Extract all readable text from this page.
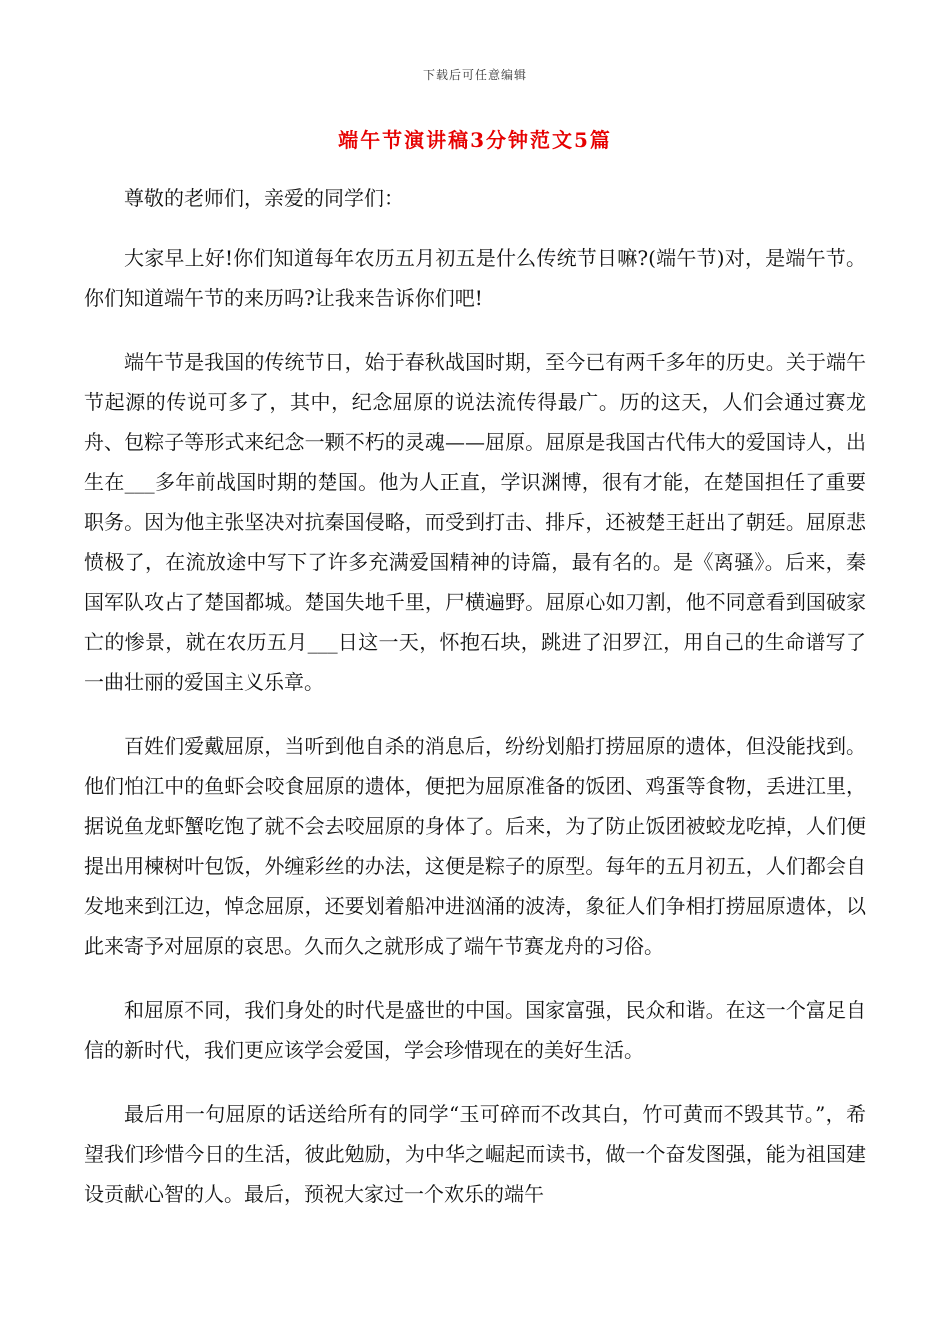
下载后可任意编辑
端午节演讲稿3分钟范文5篇

尊敬的老师们，亲爱的同学们：

大家早上好!你们知道每年农历五月初五是什么传统节日嘛?(端午节)对，是端午节。你们知道端午节的来历吗?让我来告诉你们吧!

端午节是我国的传统节日，始于春秋战国时期，至今已有两千多年的历史。关于端午节起源的传说可多了，其中，纪念屈原的说法流传得最广。历的这天，人们会通过赛龙舟、包粽子等形式来纪念一颗不朽的灵魂——屈原。屈原是我国古代伟大的爱国诗人，出生在___多年前战国时期的楚国。他为人正直，学识渊博，很有才能，在楚国担任了重要职务。因为他主张坚决对抗秦国侵略，而受到打击、排斥，还被楚王赶出了朝廷。屈原悲愤极了，在流放途中写下了许多充满爱国精神的诗篇，最有名的。是《离骚》。后来，秦国军队攻占了楚国都城。楚国失地千里，尸横遍野。屈原心如刀割，他不同意看到国破家亡的惨景，就在农历五月___日这一天，怀抱石块，跳进了汨罗江，用自己的生命谱写了一曲壮丽的爱国主义乐章。

百姓们爱戴屈原，当听到他自杀的消息后，纷纷划船打捞屈原的遗体，但没能找到。他们怕江中的鱼虾会咬食屈原的遗体，便把为屈原准备的饭团、鸡蛋等食物，丢进江里，据说鱼龙虾蟹吃饱了就不会去咬屈原的身体了。后来，为了防止饭团被蛟龙吃掉，人们便提出用楝树叶包饭，外缠彩丝的办法，这便是粽子的原型。每年的五月初五，人们都会自发地来到江边，悼念屈原，还要划着船冲进汹涌的波涛，象征人们争相打捞屈原遗体，以此来寄予对屈原的哀思。久而久之就形成了端午节赛龙舟的习俗。

和屈原不同，我们身处的时代是盛世的中国。国家富强，民众和谐。在这一个富足自信的新时代，我们更应该学会爱国，学会珍惜现在的美好生活。

最后用一句屈原的话送给所有的同学“玉可碎而不改其白，竹可黄而不毁其节。”，希望我们珍惜今日的生活，彼此勉励，为中华之崛起而读书，做一个奋发图强，能为祖国建设贡献心智的人。最后，预祝大家过一个欢乐的端午
